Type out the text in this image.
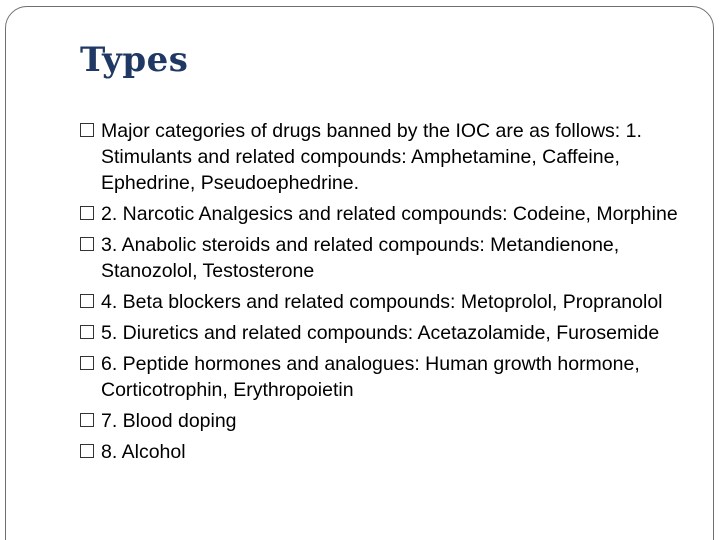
Types
Major categories of drugs banned by the IOC are as follows: 1. Stimulants and related compounds: Amphetamine, Caffeine, Ephedrine, Pseudoephedrine.
2. Narcotic Analgesics and related compounds: Codeine, Morphine
3. Anabolic steroids and related compounds: Metandienone, Stanozolol, Testosterone
4. Beta blockers and related compounds: Metoprolol, Propranolol
5. Diuretics and related compounds: Acetazolamide, Furosemide
6. Peptide hormones and analogues: Human growth hormone, Corticotrophin, Erythropoietin
7. Blood doping
8. Alcohol
